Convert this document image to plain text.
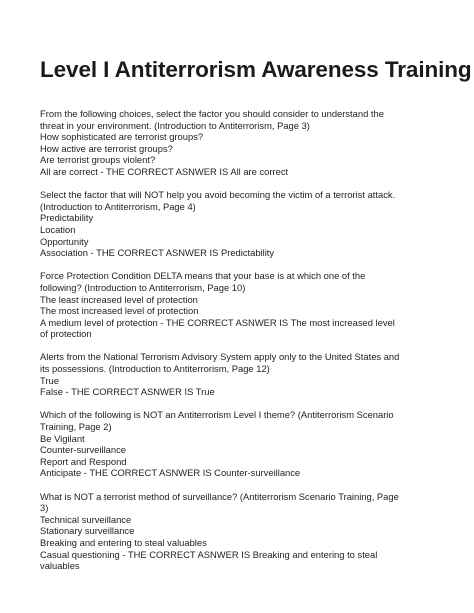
Level I Antiterrorism Awareness Training
From the following choices, select the factor you should consider to understand the
threat in your environment. (Introduction to Antiterrorism, Page 3)
How sophisticated are terrorist groups?
How active are terrorist groups?
Are terrorist groups violent?
All are correct - THE CORRECT ASNWER IS All are correct
Select the factor that will NOT help you avoid becoming the victim of a terrorist attack.
(Introduction to Antiterrorism, Page 4)
Predictability
Location
Opportunity
Association - THE CORRECT ASNWER IS Predictability
Force Protection Condition DELTA means that your base is at which one of the
following? (Introduction to Antiterrorism, Page 10)
The least increased level of protection
The most increased level of protection
A medium level of protection - THE CORRECT ASNWER IS The most increased level
of protection
Alerts from the National Terrorism Advisory System apply only to the United States and
its possessions. (Introduction to Antiterrorism, Page 12)
True
False - THE CORRECT ASNWER IS True
Which of the following is NOT an Antiterrorism Level I theme? (Antiterrorism Scenario
Training, Page 2)
Be Vigilant
Counter-surveillance
Report and Respond
Anticipate - THE CORRECT ASNWER IS Counter-surveillance
What is NOT a terrorist method of surveillance? (Antiterrorism Scenario Training, Page
3)
Technical surveillance
Stationary surveillance
Breaking and entering to steal valuables
Casual questioning - THE CORRECT ASNWER IS Breaking and entering to steal
valuables
